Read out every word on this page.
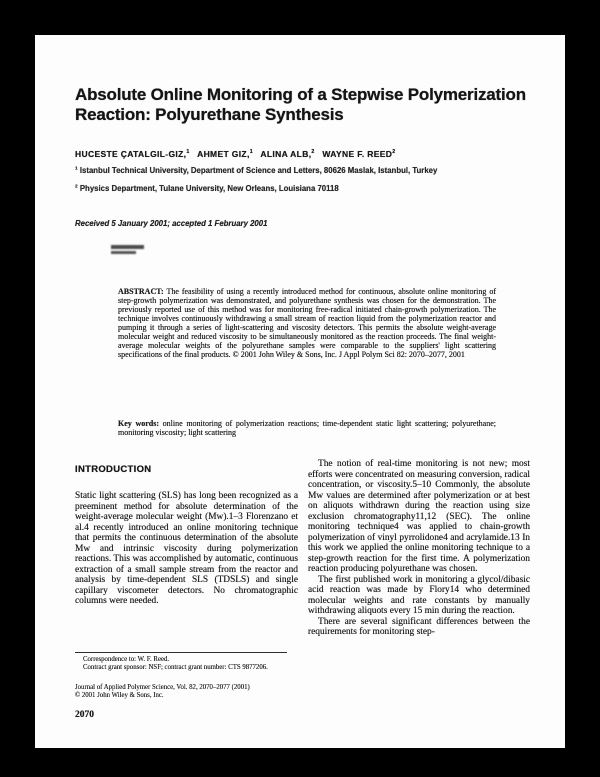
Absolute Online Monitoring of a Stepwise Polymerization Reaction: Polyurethane Synthesis
HUCESTE ÇATALGIL-GIZ,$^1$ AHMET GIZ,$^1$ ALINA ALB,$^2$ WAYNE F. REED$^2$
$^1$ Istanbul Technical University, Department of Science and Letters, 80626 Maslak, Istanbul, Turkey
$^2$ Physics Department, Tulane University, New Orleans, Louisiana 70118
Received 5 January 2001; accepted 1 February 2001
ABSTRACT: The feasibility of using a recently introduced method for continuous, absolute online monitoring of step-growth polymerization was demonstrated, and polyurethane synthesis was chosen for the demonstration. The previously reported use of this method was for monitoring free-radical initiated chain-growth polymerization. The technique involves continuously withdrawing a small stream of reaction liquid from the polymerization reactor and pumping it through a series of light-scattering and viscosity detectors. This permits the absolute weight-average molecular weight and reduced viscosity to be simultaneously monitored as the reaction proceeds. The final weight-average molecular weights of the polyurethane samples were comparable to the suppliers' light scattering specifications of the final products. © 2001 John Wiley & Sons, Inc. J Appl Polym Sci 82: 2070–2077, 2001
Key words: online monitoring of polymerization reactions; time-dependent static light scattering; polyurethane; monitoring viscosity; light scattering
INTRODUCTION

Static light scattering (SLS) has long been recognized as a preeminent method for absolute determination of the weight-average molecular weight (Mw).1–3 Florenzano et al.4 recently introduced an online monitoring technique that permits the continuous determination of the absolute Mw and intrinsic viscosity during polymerization reactions. This was accomplished by automatic, continuous extraction of a small sample stream from the reactor and analysis by time-dependent SLS (TDSLS) and single capillary viscometer detectors. No chromatographic columns were needed.

The notion of real-time monitoring is not new; most efforts were concentrated on measuring conversion, radical concentration, or viscosity.5–10 Commonly, the absolute Mw values are determined after polymerization or at best on aliquots withdrawn during the reaction using size exclusion chromatography11,12 (SEC). The online monitoring technique4 was applied to chain-growth polymerization of vinyl pyrrolidone4 and acrylamide.13 In this work we applied the online monitoring technique to a step-growth reaction for the first time. A polymerization reaction producing polyurethane was chosen.

The first published work in monitoring a glycol/dibasic acid reaction was made by Flory14 who determined molecular weights and rate constants by manually withdrawing aliquots every 15 min during the reaction.

There are several significant differences between the requirements for monitoring step-

Correspondence to: W. F. Reed.
Contract grant sponsor: NSF; contract grant number: CTS 9877206.
Journal of Applied Polymer Science, Vol. 82, 2070–2077 (2001)
© 2001 John Wiley & Sons, Inc.
2070
